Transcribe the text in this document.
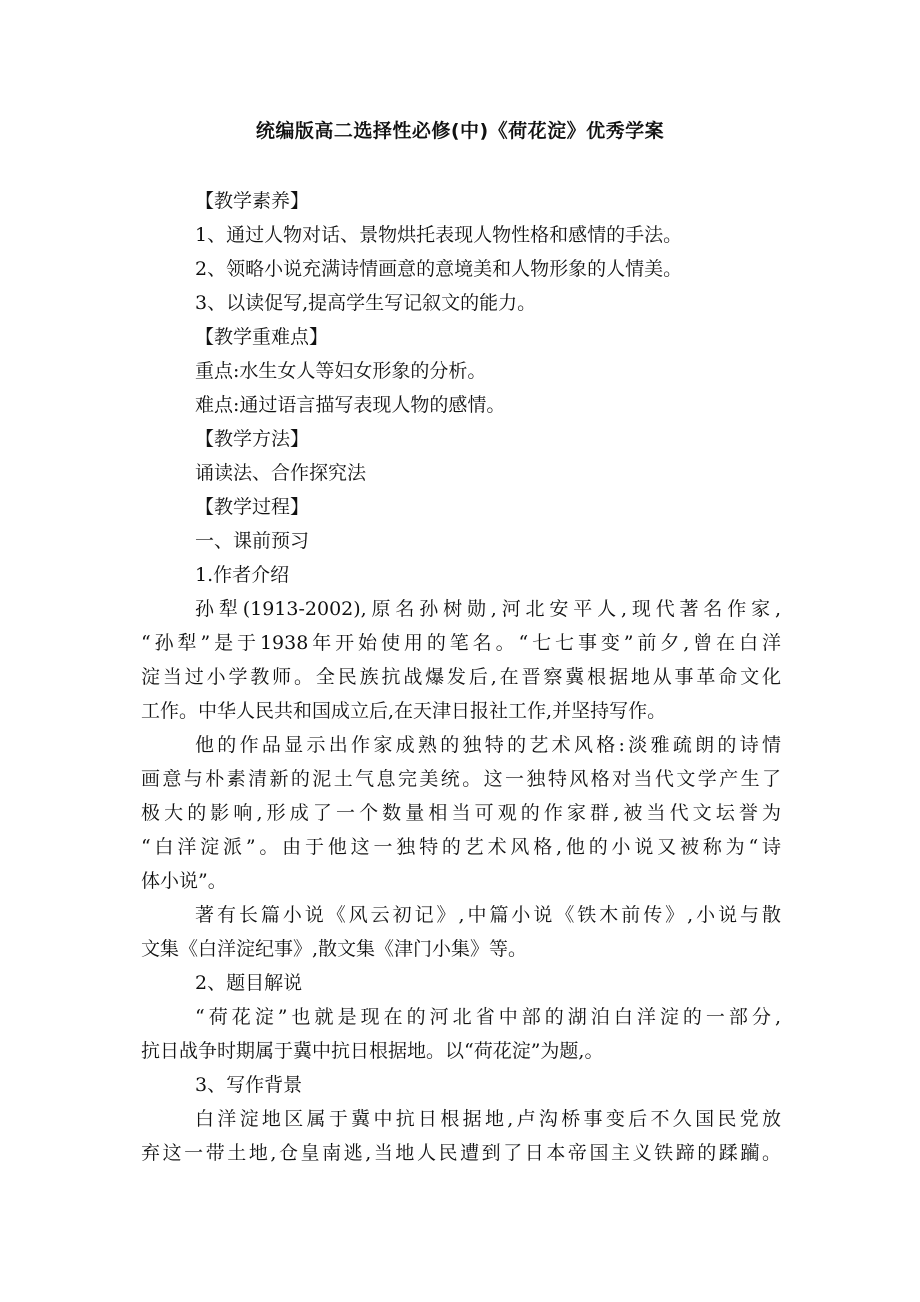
统编版高二选择性必修(中)《荷花淀》优秀学案
【教学素养】
1、通过人物对话、景物烘托表现人物性格和感情的手法。
2、领略小说充满诗情画意的意境美和人物形象的人情美。
3、以读促写,提高学生写记叙文的能力。
【教学重难点】
重点:水生女人等妇女形象的分析。
难点:通过语言描写表现人物的感情。
【教学方法】
诵读法、合作探究法
【教学过程】
一、课前预习
1.作者介绍
孙犁(1913-2002),原名孙树勋,河北安平人,现代著名作家,
“孙犁”是于1938年开始使用的笔名。“七七事变”前夕,曾在白洋
淀当过小学教师。全民族抗战爆发后,在晋察冀根据地从事革命文化
工作。中华人民共和国成立后,在天津日报社工作,并坚持写作。
他的作品显示出作家成熟的独特的艺术风格:淡雅疏朗的诗情
画意与朴素清新的泥土气息完美统。这一独特风格对当代文学产生了
极大的影响,形成了一个数量相当可观的作家群,被当代文坛誉为
“白洋淀派”。由于他这一独特的艺术风格,他的小说又被称为“诗
体小说”。
著有长篇小说《风云初记》,中篇小说《铁木前传》,小说与散
文集《白洋淀纪事》,散文集《津门小集》等。
2、题目解说
“荷花淀”也就是现在的河北省中部的湖泊白洋淀的一部分,
抗日战争时期属于冀中抗日根据地。以“荷花淀”为题,。
3、写作背景
白洋淀地区属于冀中抗日根据地,卢沟桥事变后不久国民党放
弃这一带土地,仓皇南逃,当地人民遭到了日本帝国主义铁蹄的蹂躏。
